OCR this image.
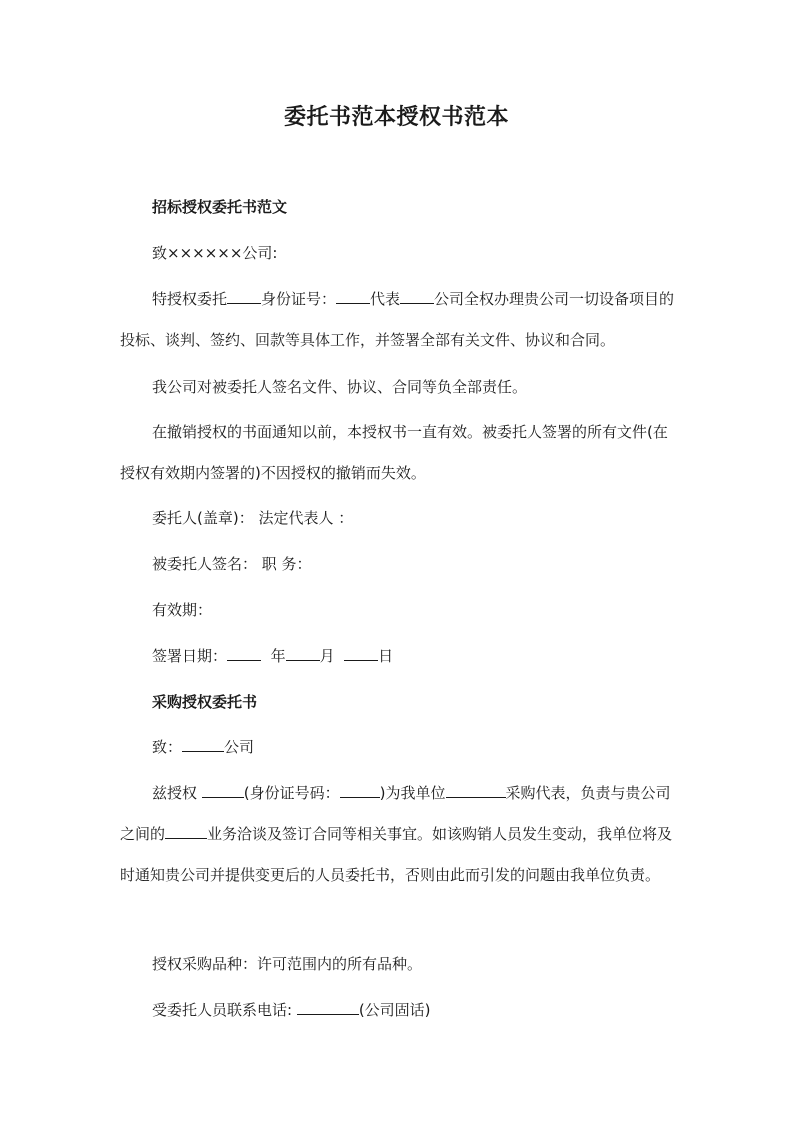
委托书范本授权书范本
招标授权委托书范文
致××××××公司:
特授权委托 身份证号： 代表 公司全权办理贵公司一切设备项目的投标、谈判、签约、回款等具体工作，并签署全部有关文件、协议和合同。
我公司对被委托人签名文件、协议、合同等负全部责任。
在撤销授权的书面通知以前，本授权书一直有效。被委托人签署的所有文件(在授权有效期内签署的)不因授权的撤销而失效。
委托人(盖章)： 法定代表人 ：
被委托人签名： 职 务：
有效期：
签署日期：	年 月	日
采购授权委托书
致：	公司
兹授权	(身份证号码：	)为我单位	采购代表，负责与贵公司之间的	业务洽谈及签订合同等相关事宜。如该购销人员发生变动，我单位将及时通知贵公司并提供变更后的人员委托书，否则由此而引发的问题由我单位负责。
授权采购品种：许可范围内的所有品种。
受委托人员联系电话:	(公司固话)
